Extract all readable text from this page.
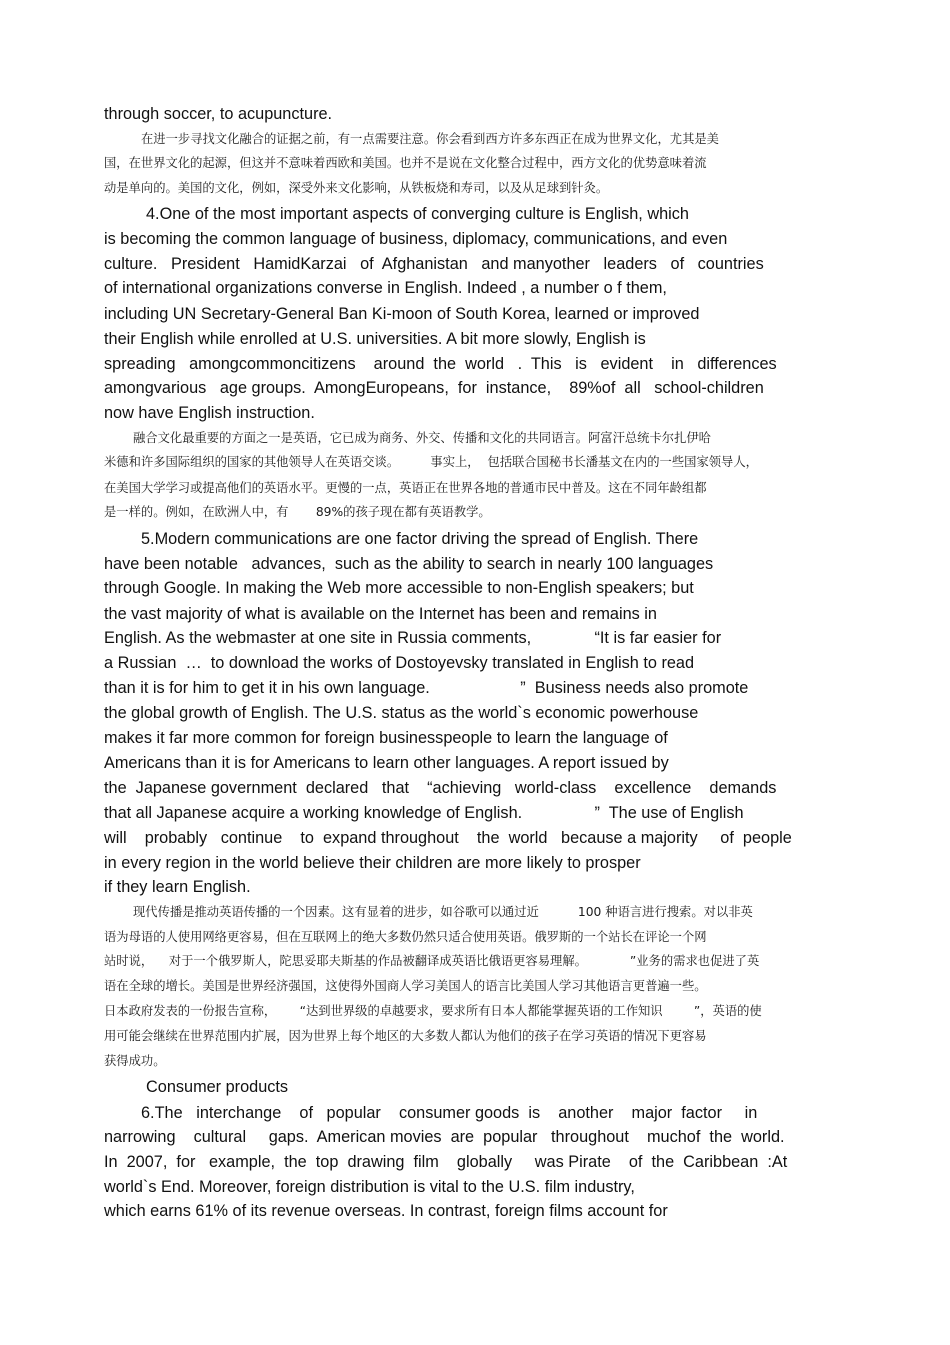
through soccer, to acupuncture.
在进一步寻找文化融合的证据之前，有一点需要注意。你会看到西方许多东西正在成为世界文化，尤其是美
国，在世界文化的起源，但这并不意味着西欧和美国。也并不是说在文化整合过程中，西方文化的优势意味着流
动是单向的。美国的文化，例如，深受外来文化影响，从铁板烧和寿司，以及从足球到针灸。
4.One of the most important aspects of converging culture is English, which
is becoming the common language of business, diplomacy, communications, and even
culture.   President   HamidKarzai   of  Afghanistan   and manyother   leaders   of   countries
of international organizations converse in English. Indeed , a number o f them,
including UN Secretary-General Ban Ki-moon of South Korea, learned or improved
their English while enrolled at U.S. universities. A bit more slowly, English is
spreading   amongcommoncitizens    around  the  world   .  This   is   evident    in   differences
amongvarious   age groups.  AmongEuropeans,  for  instance,    89%of  all   school-children
now have English instruction.
融合文化最重要的方面之一是英语，它已成为商务、外交、传播和文化的共同语言。阿富汗总统卡尔扎伊哈
米德和许多国际组织的国家的其他领导人在英语交谈。        事实上，  包括联合国秘书长潘基文在内的一些国家领导人，
在美国大学学习或提高他们的英语水平。更慢的一点，英语正在世界各地的普通市民中普及。这在不同年龄组都
是一样的。例如，在欧洲人中，有       89%的孩子现在都有英语教学。
5.Modern communications are one factor driving the spread of English. There
have been notable   advances,  such as the ability to search in nearly 100 languages
through Google. In making the Web more accessible to non-English speakers; but
the vast majority of what is available on the Internet has been and remains in
English. As the webmaster at one site in Russia comments,              “It is far easier for
a Russian  …  to download the works of Dostoyevsky translated in English to read
than it is for him to get it in his own language.                    ”  Business needs also promote
the global growth of English. The U.S. status as the world`s economic powerhouse
makes it far more common for foreign businesspeople to learn the language of
Americans than it is for Americans to learn other languages. A report issued by
the  Japanese government  declared   that    “achieving   world-class    excellence    demands
that all Japanese acquire a working knowledge of English.                ”  The use of English
will    probably   continue    to  expand throughout    the  world   because a majority     of  people
in every region in the world believe their children are more likely to prosper
if they learn English.
现代传播是推动英语传播的一个因素。这有显着的进步，如谷歌可以通过近          100 种语言进行搜索。对以非英
语为母语的人使用网络更容易，但在互联网上的绝大多数仍然只适合使用英语。俄罗斯的一个站长在评论一个网
站时说，    对于一个俄罗斯人，陀思妥耶夫斯基的作品被翻译成英语比俄语更容易理解。           ”业务的需求也促进了英
语在全球的增长。美国是世界经济强国，这使得外国商人学习美国人的语言比美国人学习其他语言更普遍一些。
日本政府发表的一份报告宣称，      “达到世界级的卓越要求，要求所有日本人都能掌握英语的工作知识        ”，英语的使
用可能会继续在世界范围内扩展，因为世界上每个地区的大多数人都认为他们的孩子在学习英语的情况下更容易
获得成功。
Consumer products
6.The   interchange    of   popular    consumer goods  is    another    major  factor     in
narrowing    cultural     gaps.  American movies  are  popular   throughout    muchof  the  world.
In  2007,  for   example,  the  top  drawing  film    globally     was Pirate    of  the  Caribbean  :At
world`s End. Moreover, foreign distribution is vital to the U.S. film industry,
which earns 61% of its revenue overseas. In contrast, foreign films account for
